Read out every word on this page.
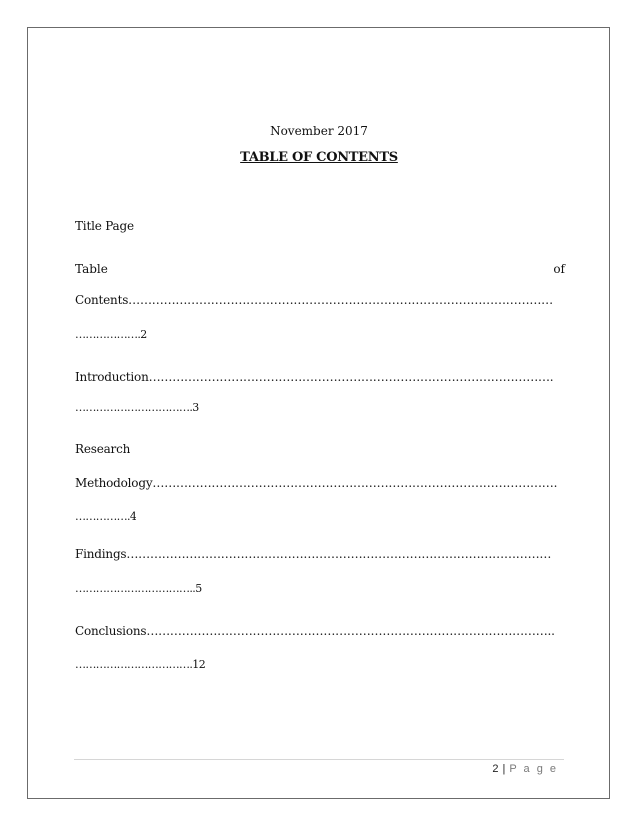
November 2017
TABLE OF CONTENTS
Title Page
Table	of
Contents………………………………………………………………………………………………
……………….2
Introduction………………………………………………………………………………………….
…………………………….3
Research
Methodology………………………………………………………………………………………….
…………….4
Findings………………………………………………………………………………………………
……………………………..5
Conclusions…………………………………………………………………………………………..
…………………………….12
2 | P a g e
